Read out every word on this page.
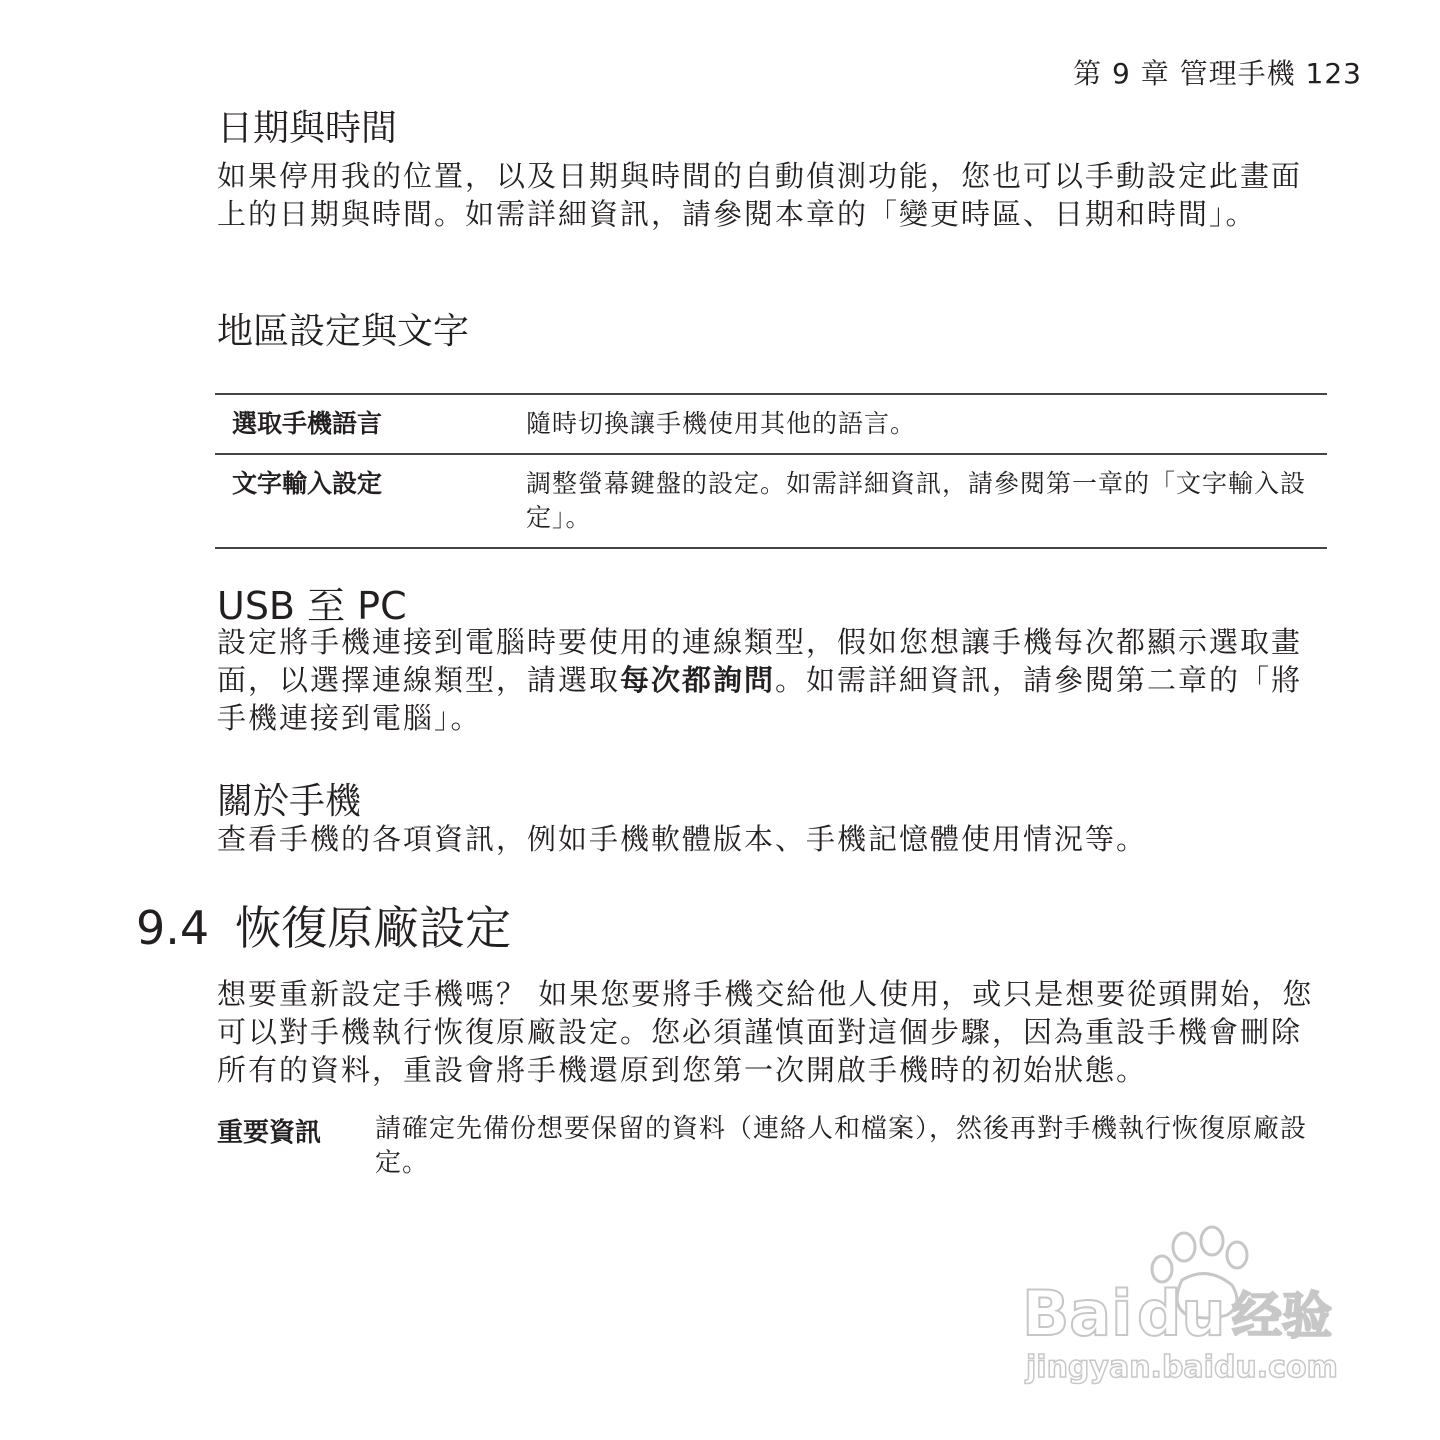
第 9 章 管理手機 123
日期與時間
如果停用我的位置，以及日期與時間的自動偵測功能，您也可以手動設定此畫面上的日期與時間。如需詳細資訊，請參閱本章的「變更時區、日期和時間」。
地區設定與文字
選取手機語言	隨時切換讓手機使用其他的語言。
文字輸入設定	調整螢幕鍵盤的設定。如需詳細資訊，請參閱第一章的「文字輸入設定」。
USB 至 PC
設定將手機連接到電腦時要使用的連線類型，假如您想讓手機每次都顯示選取畫面，以選擇連線類型，請選取每次都詢問。如需詳細資訊，請參閱第二章的「將手機連接到電腦」。
關於手機
查看手機的各項資訊，例如手機軟體版本、手機記憶體使用情況等。
9.4 恢復原廠設定
想要重新設定手機嗎？ 如果您要將手機交給他人使用，或只是想要從頭開始，您可以對手機執行恢復原廠設定。您必須謹慎面對這個步驟，因為重設手機會刪除所有的資料，重設會將手機還原到您第一次開啟手機時的初始狀態。
重要資訊 請確定先備份想要保留的資料（連絡人和檔案），然後再對手機執行恢復原廠設定。
Bai du 经验
jingyan.baidu.com
